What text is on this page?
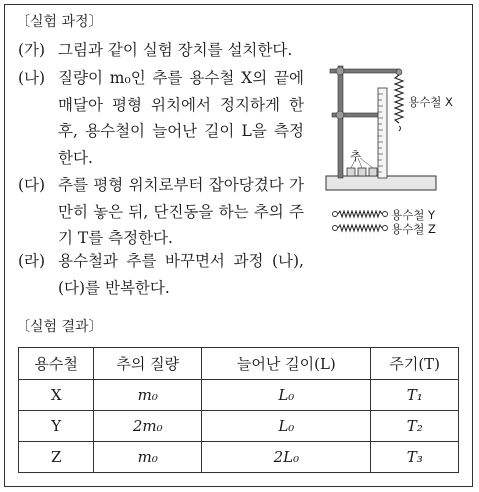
〔실험 과정〕
(가) 그림과 같이 실험 장치를 설치한다.
(나) 질량이 m₀인 추를 용수철 X의 끝에 매달아 평형 위치에서 정지하게 한 후, 용수철이 늘어난 길이 L을 측정한다.
(다) 추를 평형 위치로부터 잡아당겼다 가만히 놓은 뒤, 단진동을 하는 추의 주기 T를 측정한다.
(라) 용수철과 추를 바꾸면서 과정 (나), (다)를 반복한다.
용수철 X
추
용수철 Y
용수철 Z
〔실험 결과〕
용수철	추의 질량	늘어난 길이(L)	주기(T)
X	m₀	L₀	T₁
Y	2m₀	L₀	T₂
Z	m₀	2L₀	T₃
